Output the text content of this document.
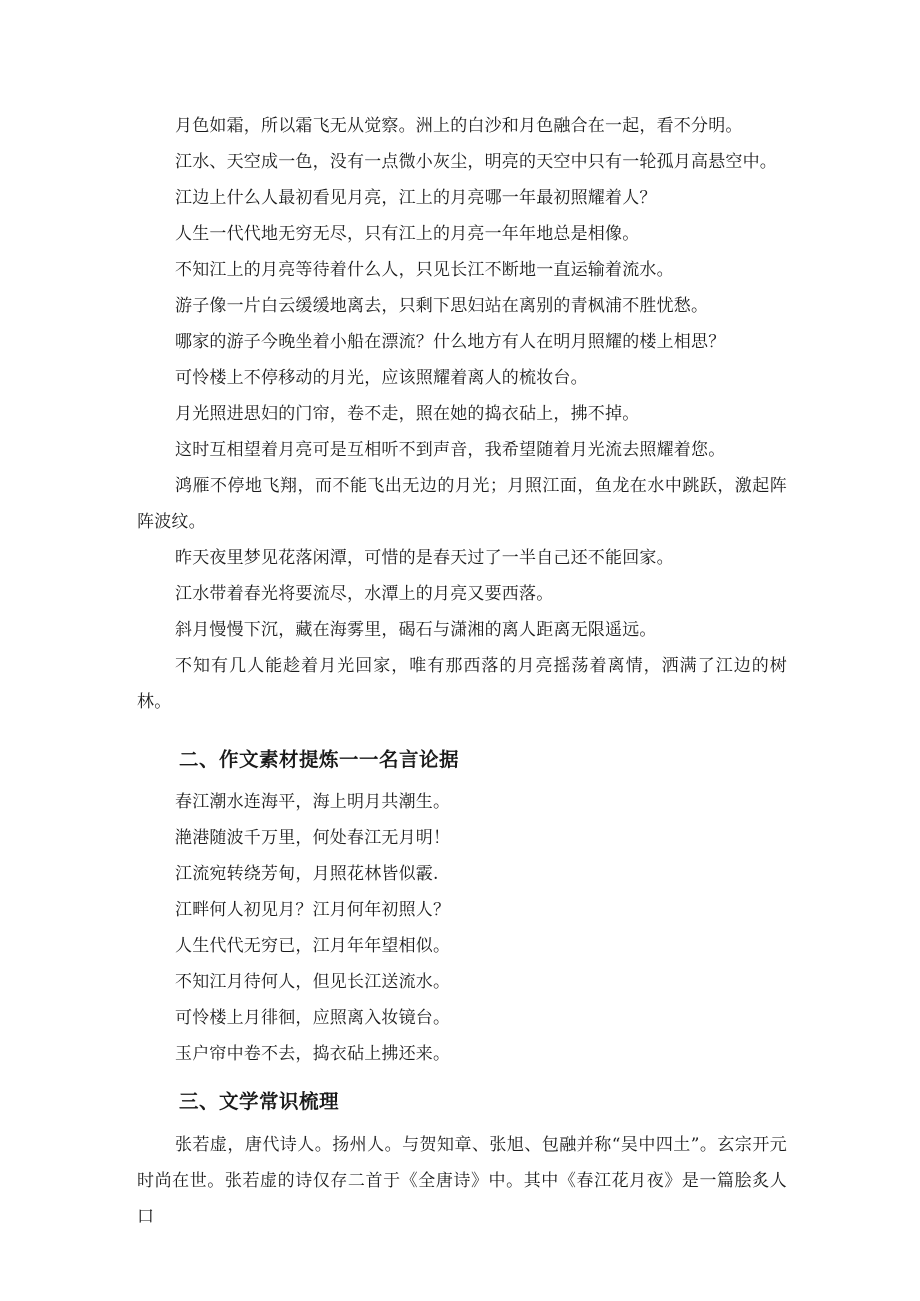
月色如霜，所以霜飞无从觉察。洲上的白沙和月色融合在一起，看不分明。

江水、天空成一色，没有一点微小灰尘，明亮的天空中只有一轮孤月高悬空中。

江边上什么人最初看见月亮，江上的月亮哪一年最初照耀着人？

人生一代代地无穷无尽，只有江上的月亮一年年地总是相像。

不知江上的月亮等待着什么人，只见长江不断地一直运输着流水。

游子像一片白云缓缓地离去，只剩下思妇站在离别的青枫浦不胜忧愁。

哪家的游子今晚坐着小船在漂流？什么地方有人在明月照耀的楼上相思？

可怜楼上不停移动的月光，应该照耀着离人的梳妆台。

月光照进思妇的门帘，卷不走，照在她的捣衣砧上，拂不掉。

这时互相望着月亮可是互相听不到声音，我希望随着月光流去照耀着您。

鸿雁不停地飞翔，而不能飞出无边的月光；月照江面，鱼龙在水中跳跃，激起阵阵波纹。

昨天夜里梦见花落闲潭，可惜的是春天过了一半自己还不能回家。

江水带着春光将要流尽，水潭上的月亮又要西落。

斜月慢慢下沉，藏在海雾里，碣石与潇湘的离人距离无限遥远。

不知有几人能趁着月光回家，唯有那西落的月亮摇荡着离情，洒满了江边的树林。

二、作文素材提炼一一名言论据

春江潮水连海平，海上明月共潮生。

滟港随波千万里，何处春江无月明！

江流宛转绕芳甸，月照花林皆似霰.

江畔何人初见月？江月何年初照人？

人生代代无穷已，江月年年望相似。

不知江月待何人，但见长江送流水。

可怜楼上月徘徊，应照离入妆镜台。

玉户帘中卷不去，捣衣砧上拂还来。

三、文学常识梳理

张若虚，唐代诗人。扬州人。与贺知章、张旭、包融并称“吴中四土”。玄宗开元时尚在世。张若虚的诗仅存二首于《全唐诗》中。其中《春江花月夜》是一篇脍炙人口
